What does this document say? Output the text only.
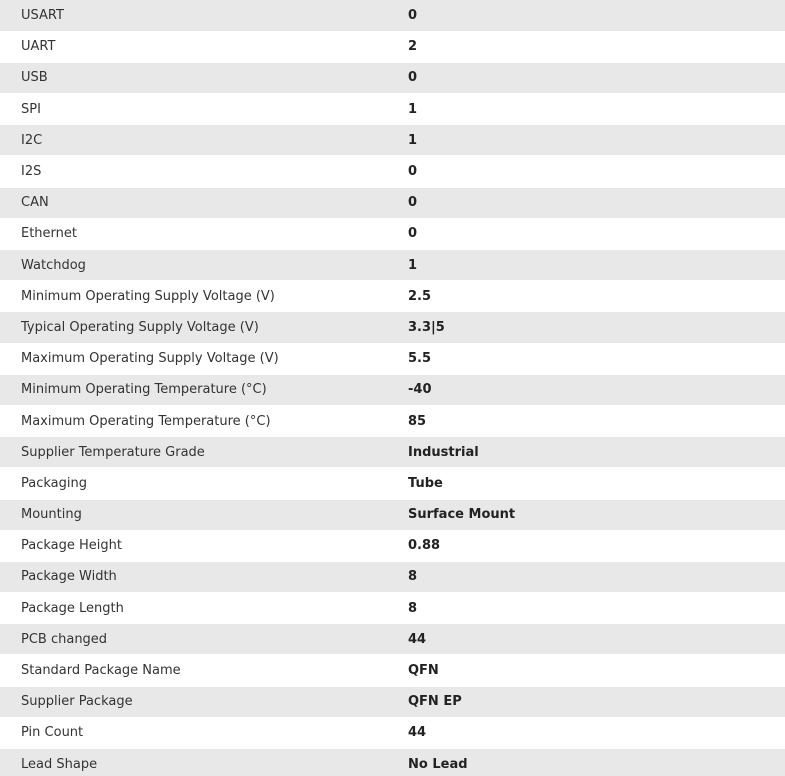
USART	0
UART	2
USB	0
SPI	1
I2C	1
I2S	0
CAN	0
Ethernet	0
Watchdog	1
Minimum Operating Supply Voltage (V)	2.5
Typical Operating Supply Voltage (V)	3.3|5
Maximum Operating Supply Voltage (V)	5.5
Minimum Operating Temperature (°C)	-40
Maximum Operating Temperature (°C)	85
Supplier Temperature Grade	Industrial
Packaging	Tube
Mounting	Surface Mount
Package Height	0.88
Package Width	8
Package Length	8
PCB changed	44
Standard Package Name	QFN
Supplier Package	QFN EP
Pin Count	44
Lead Shape	No Lead
